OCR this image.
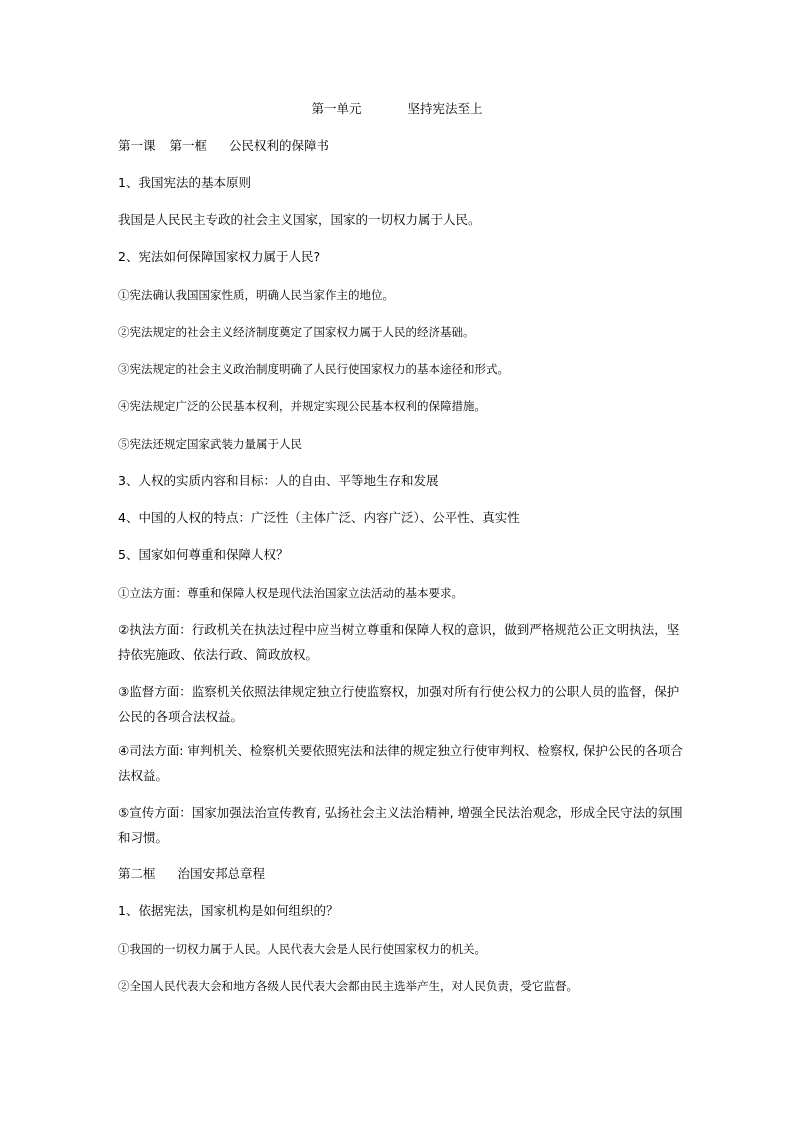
第一单元	坚持宪法至上
第一课 第一框 公民权利的保障书
1、我国宪法的基本原则
我国是人民民主专政的社会主义国家，国家的一切权力属于人民。
2、宪法如何保障国家权力属于人民?
①宪法确认我国国家性质，明确人民当家作主的地位。
②宪法规定的社会主义经济制度奠定了国家权力属于人民的经济基础。
③宪法规定的社会主义政治制度明确了人民行使国家权力的基本途径和形式。
④宪法规定广泛的公民基本权利，并规定实现公民基本权利的保障措施。
⑤宪法还规定国家武装力量属于人民
3、人权的实质内容和目标：人的自由、平等地生存和发展
4、中国的人权的特点：广泛性（主体广泛、内容广泛）、公平性、真实性
5、国家如何尊重和保障人权？
①立法方面：尊重和保障人权是现代法治国家立法活动的基本要求。
②执法方面：行政机关在执法过程中应当树立尊重和保障人权的意识，做到严格规范公正文明执法，坚持依宪施政、依法行政、简政放权。
③监督方面：监察机关依照法律规定独立行使监察权，加强对所有行使公权力的公职人员的监督，保护公民的各项合法权益。
④司法方面: 审判机关、检察机关要依照宪法和法律的规定独立行使审判权、检察权, 保护公民的各项合法权益。
⑤宣传方面：国家加强法治宣传教育, 弘扬社会主义法治精神, 增强全民法治观念，形成全民守法的氛围和习惯。
第二框 治国安邦总章程
1、依据宪法，国家机构是如何组织的？
①我国的一切权力属于人民。人民代表大会是人民行使国家权力的机关。
②全国人民代表大会和地方各级人民代表大会都由民主选举产生，对人民负责，受它监督。
